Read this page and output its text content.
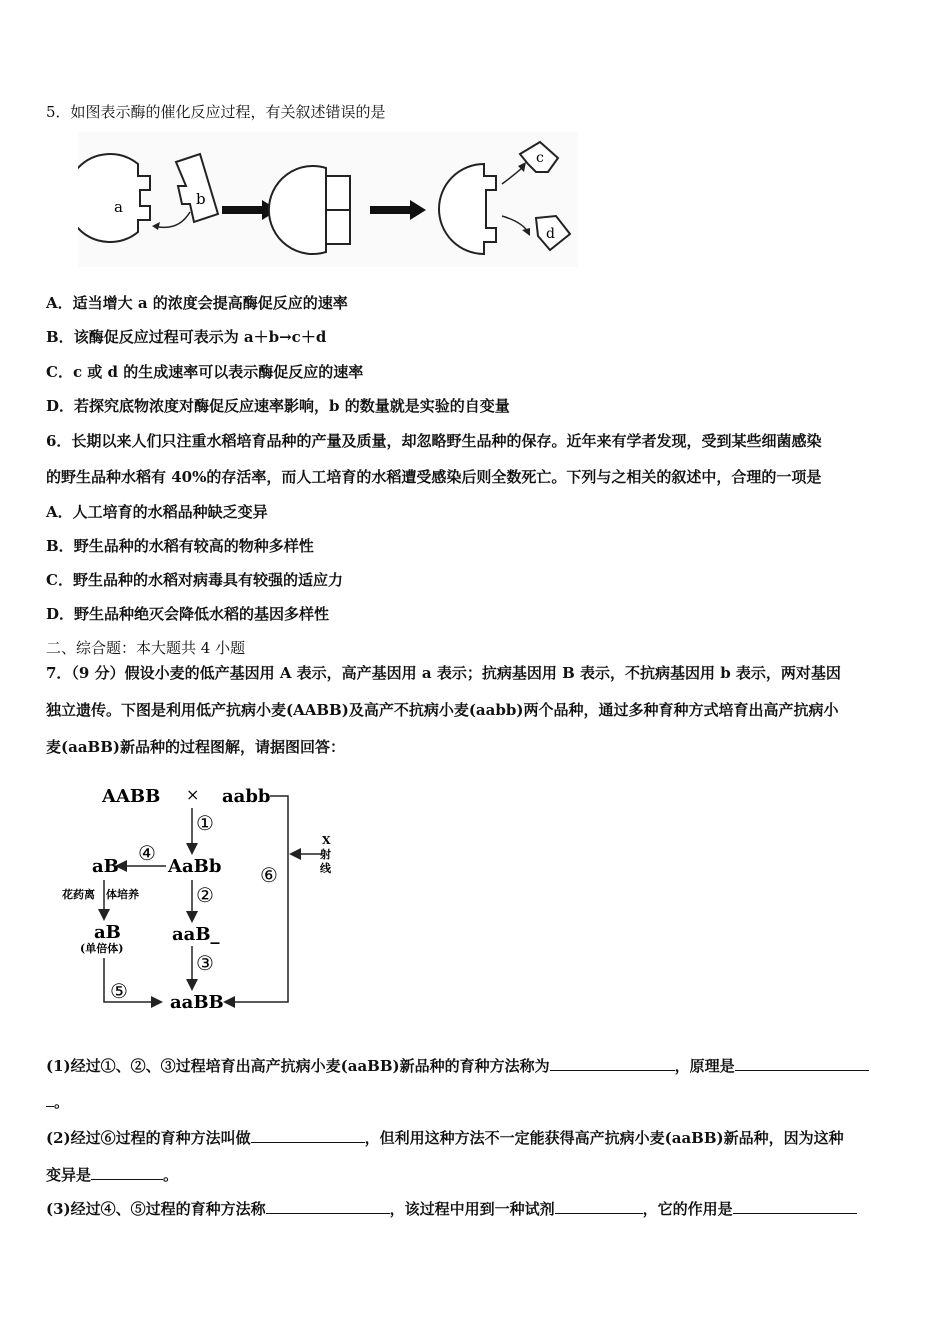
5．如图表示酶的催化反应过程，有关叙述错误的是
a	b
c
d
A．适当增大 a 的浓度会提高酶促反应的速率
B．该酶促反应过程可表示为 a＋b→c＋d
C．c 或 d 的生成速率可以表示酶促反应的速率
D．若探究底物浓度对酶促反应速率影响，b 的数量就是实验的自变量
6．长期以来人们只注重水稻培育品种的产量及质量，却忽略野生品种的保存。近年来有学者发现，受到某些细菌感染
的野生品种水稻有 40%的存活率，而人工培育的水稻遭受感染后则全数死亡。下列与之相关的叙述中，合理的一项是
A．人工培育的水稻品种缺乏变异
B．野生品种的水稻有较高的物种多样性
C．野生品种的水稻对病毒具有较强的适应力
D．野生品种绝灭会降低水稻的基因多样性
二、综合题：本大题共 4 小题
7．（9 分）假设小麦的低产基因用 A 表示，高产基因用 a 表示；抗病基因用 B 表示，不抗病基因用 b 表示，两对基因
独立遗传。下图是利用低产抗病小麦(AABB)及高产不抗病小麦(aabb)两个品种，通过多种育种方式培育出高产抗病小
麦(aaBB)新品种的过程图解，请据图回答：
AABB × aabb
X
射
线
⑥
①
AaBb
④
aB
花药离　体培养
aB
(单倍体)
②
aaB_
③
⑤ aaBB
(1)经过①、②、③过程培育出高产抗病小麦(aaBB)新品种的育种方法称为	，原理是
。
(2)经过⑥过程的育种方法叫做	，但利用这种方法不一定能获得高产抗病小麦(aaBB)新品种，因为这种
变异是	。
(3)经过④、⑤过程的育种方法称	，该过程中用到一种试剂	，它的作用是
